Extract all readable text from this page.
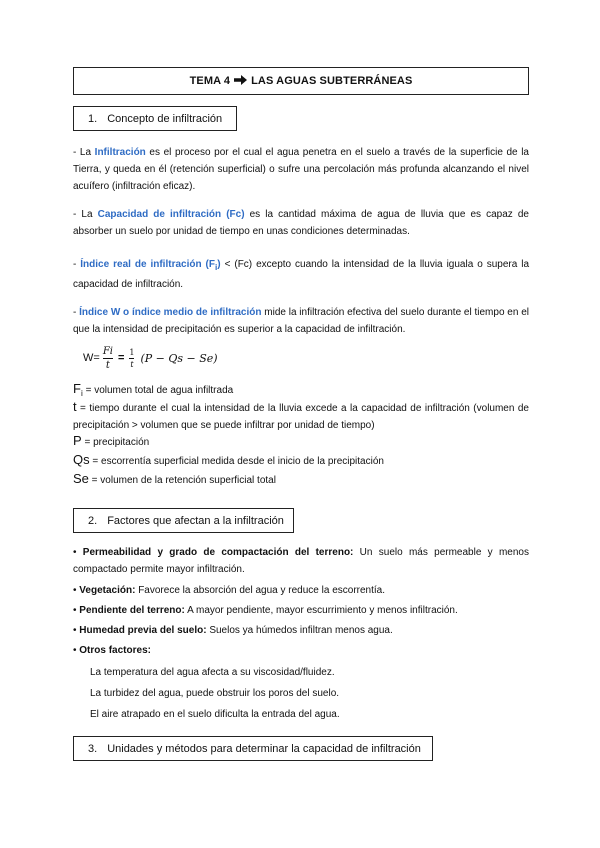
TEMA 4 LAS AGUAS SUBTERRÁNEAS
1. Concepto de infiltración

- La Infiltración es el proceso por el cual el agua penetra en el suelo a través de la superficie de la Tierra, y queda en él (retención superficial) o sufre una percolación más profunda alcanzando el nivel acuífero (infiltración eficaz).

- La Capacidad de infiltración (Fc) es la cantidad máxima de agua de lluvia que es capaz de absorber un suelo por unidad de tiempo en unas condiciones determinadas.

- Índice real de infiltración $(F_i) < (Fc)$ excepto cuando la intensidad de la lluvia iguala o supera la capacidad de infiltración.

- Índice W o índice medio de infiltración mide la infiltración efectiva del suelo durante el tiempo en el que la intensidad de precipitación es superior a la capacidad de infiltración.

$W= \frac{Fi}{t} = \frac{1}{t} (P - Qs - Se)$

$F_i$ = volumen total de agua infiltrada

t = tiempo durante el cual la intensidad de la lluvia excede a la capacidad de infiltración (volumen de precipitación > volumen que se puede infiltrar por unidad de tiempo)

P = precipitación

Qs = escorrentía superficial medida desde el inicio de la precipitación

Se = volumen de la retención superficial total

2. Factores que afectan a la infiltración

• Permeabilidad y grado de compactación del terreno: Un suelo más permeable y menos compactado permite mayor infiltración.

• Vegetación: Favorece la absorción del agua y reduce la escorrentía.

• Pendiente del terreno: A mayor pendiente, mayor escurrimiento y menos infiltración.

• Humedad previa del suelo: Suelos ya húmedos infiltran menos agua.

• Otros factores:

La temperatura del agua afecta a su viscosidad/fluidez.

La turbidez del agua, puede obstruir los poros del suelo.

El aire atrapado en el suelo dificulta la entrada del agua.

3. Unidades y métodos para determinar la capacidad de infiltración
